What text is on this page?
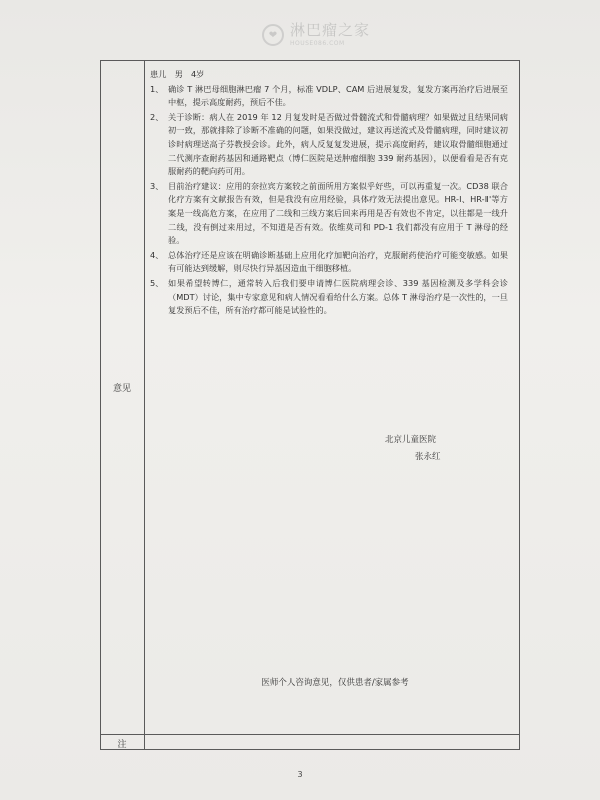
❤ 淋巴瘤之家
HOUSE086.COM
意见
注
医师个人咨询意见，仅供患者/家属参考
患儿　男　4岁
1、 确诊 T 淋巴母细胞淋巴瘤 7 个月，标准 VDLP、CAM 后进展复发，复发方案再治疗后进展至中枢，提示高度耐药，预后不佳。
2、 关于诊断：病人在 2019 年 12 月复发时是否做过骨髓流式和骨髓病理？如果做过且结果同病初一致，那就排除了诊断不准确的问题，如果没做过，建议再送流式及骨髓病理，同时建议初诊时病理送高子芬教授会诊。此外，病人反复复发进展，提示高度耐药，建议取骨髓细胞通过二代测序查耐药基因和通路靶点（博仁医院是送肿瘤细胞 339 耐药基因），以便看看是否有克服耐药的靶向药可用。
3、 目前治疗建议：应用的奈拉宾方案较之前面所用方案似乎好些，可以再重复一次。CD38 联合化疗方案有文献报告有效，但是我没有应用经验，具体疗效无法提出意见。HR-Ⅰ、HR-Ⅱ'等方案是一线高危方案，在应用了二线和三线方案后回来再用是否有效也不肯定，以往都是一线升二线，没有倒过来用过，不知道是否有效。依维莫司和 PD-1 我们都没有应用于 T 淋母的经验。
4、 总体治疗还是应该在明确诊断基础上应用化疗加靶向治疗，克服耐药使治疗可能变敏感。如果有可能达到缓解，则尽快行异基因造血干细胞移植。
5、 如果希望转博仁，通常转入后我们要申请博仁医院病理会诊、339 基因检测及多学科会诊（MDT）讨论，集中专家意见和病人情况看看给什么方案。总体 T 淋母治疗是一次性的，一旦复发预后不佳，所有治疗都可能是试验性的。
北京儿童医院
张永红
3
